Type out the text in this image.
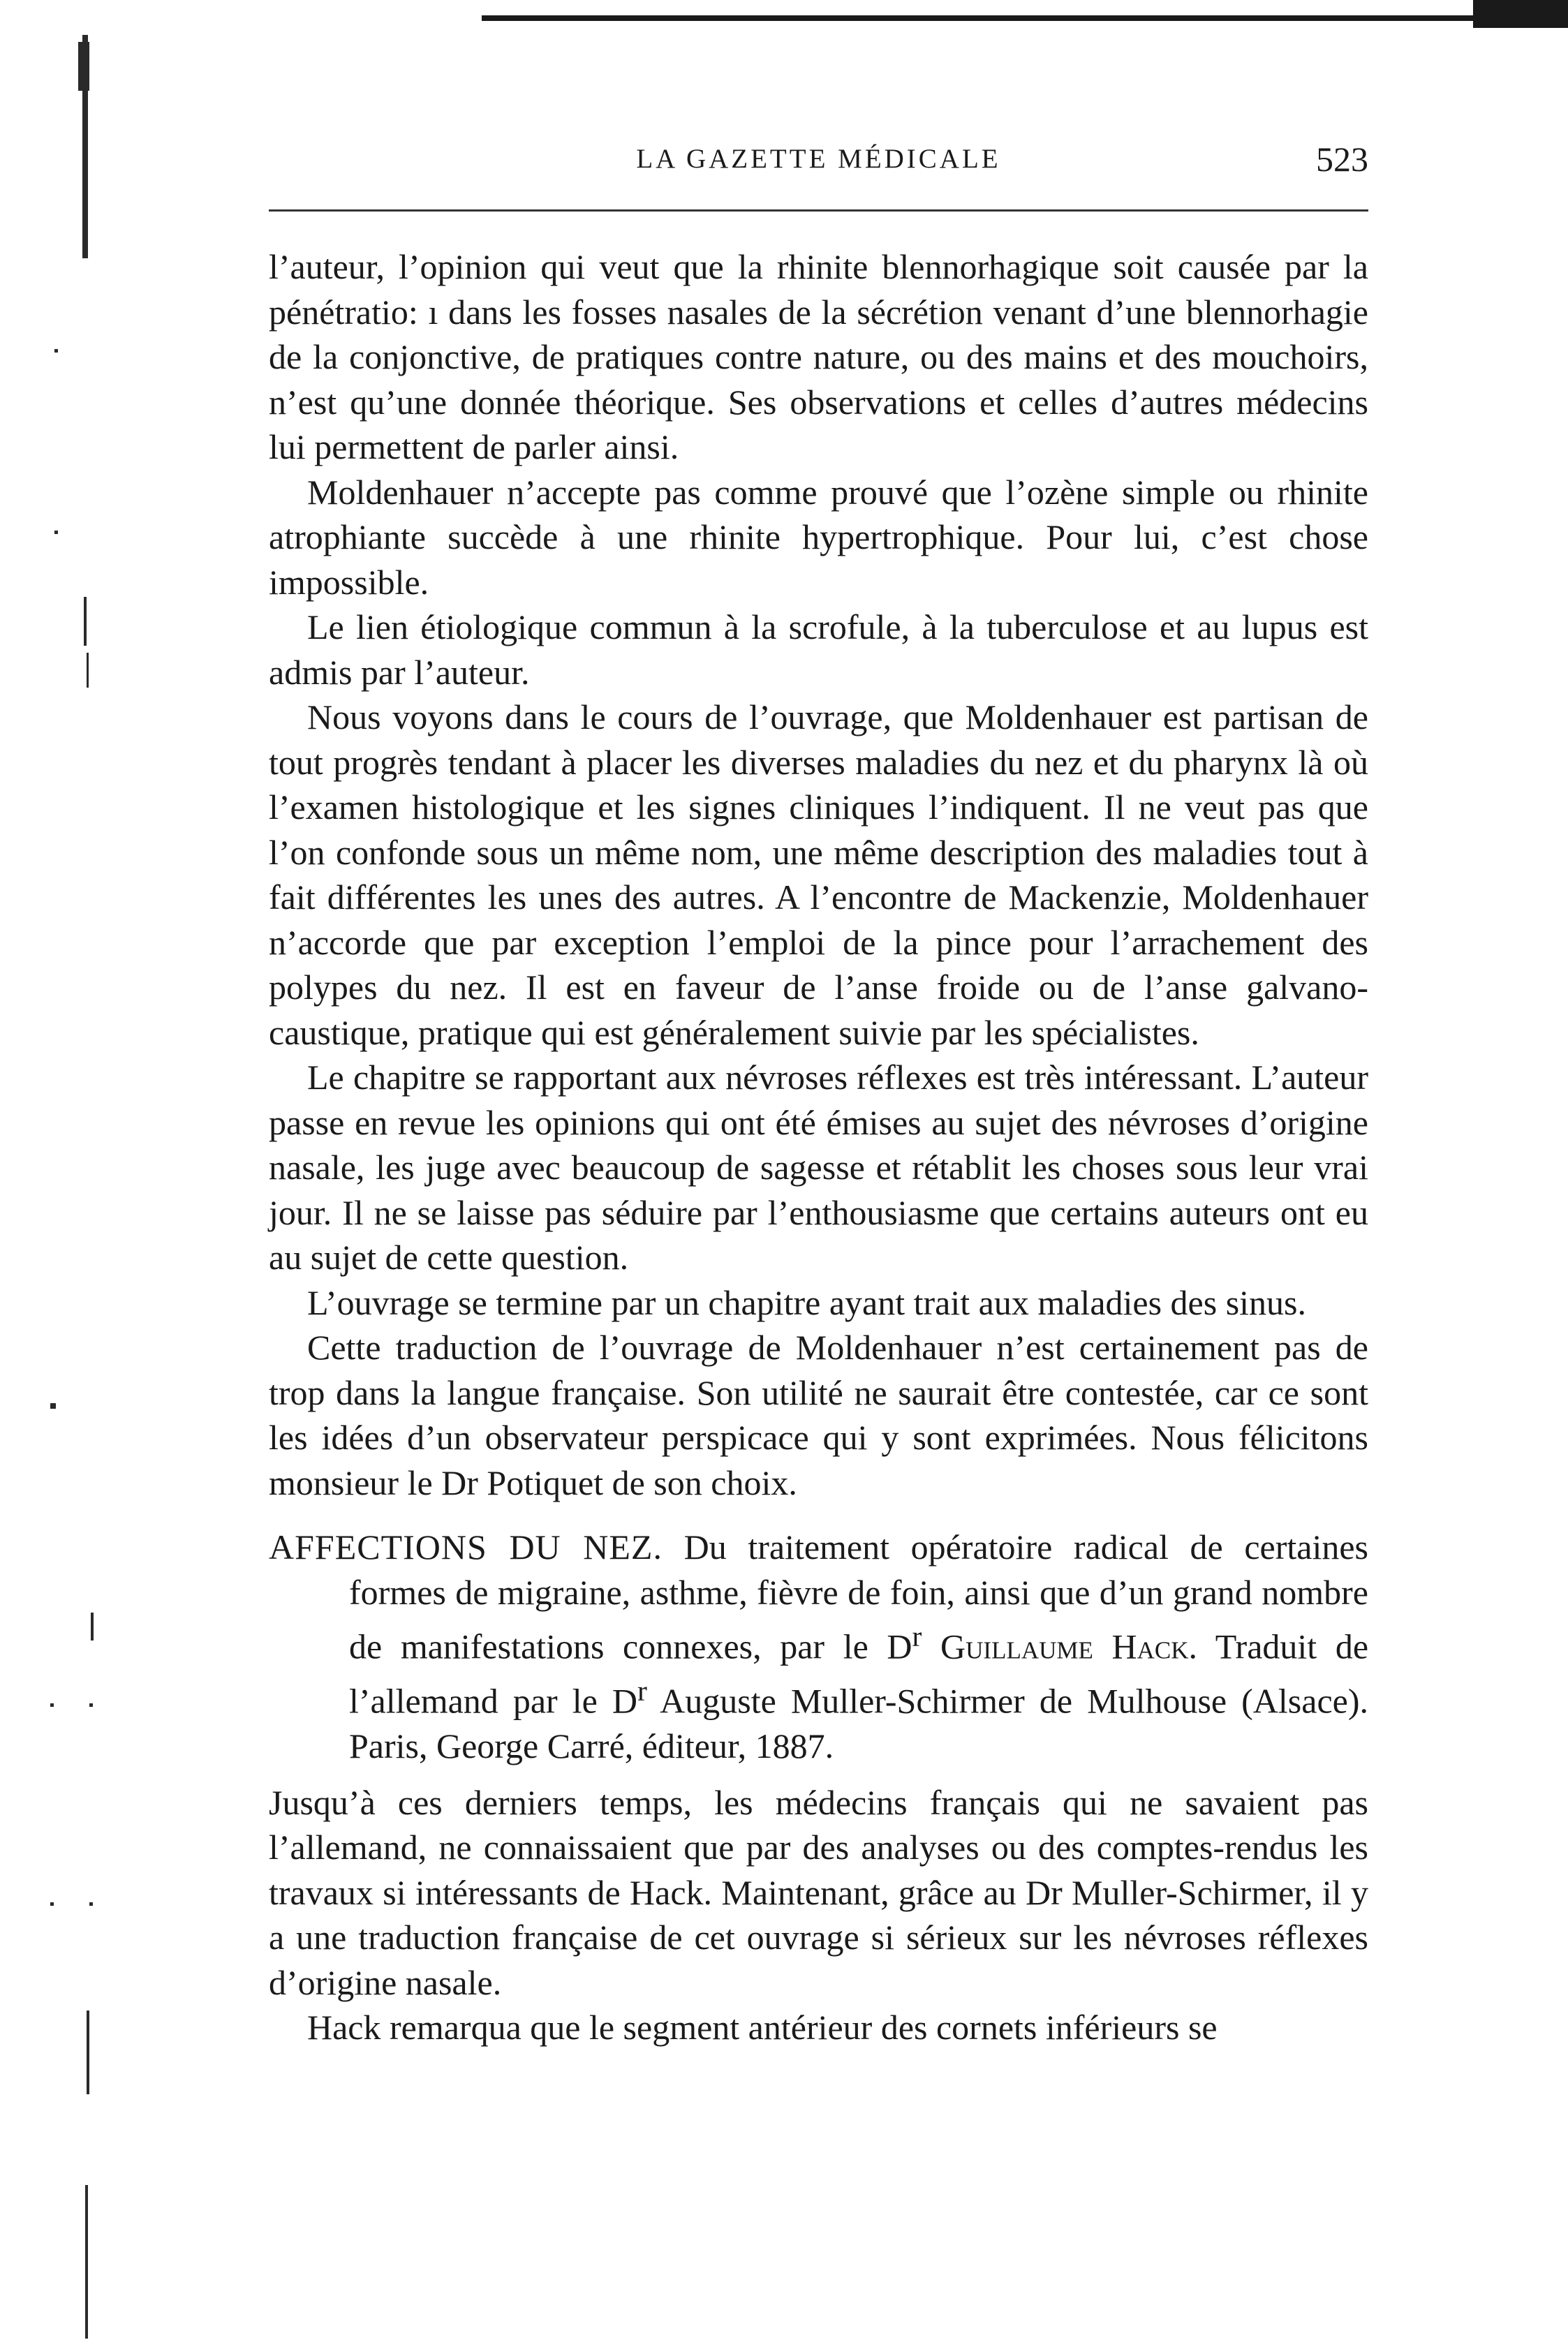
LA GAZETTE MÉDICALE	523

l’auteur, l’opinion qui veut que la rhinite blennorhagique soit causée par la pénétratio: ı dans les fosses nasales de la sécrétion venant d’une blennorhagie de la conjonctive, de pratiques contre nature, ou des mains et des mouchoirs, n’est qu’une donnée théorique. Ses observations et celles d’autres médecins lui permettent de parler ainsi.

Moldenhauer n’accepte pas comme prouvé que l’ozène simple ou rhinite atrophiante succède à une rhinite hypertrophique. Pour lui, c’est chose impossible.

Le lien étiologique commun à la scrofule, à la tuberculose et au lupus est admis par l’auteur.

Nous voyons dans le cours de l’ouvrage, que Moldenhauer est partisan de tout progrès tendant à placer les diverses maladies du nez et du pharynx là où l’examen histologique et les signes cliniques l’indiquent. Il ne veut pas que l’on confonde sous un même nom, une même description des maladies tout à fait différentes les unes des autres. A l’encontre de Mackenzie, Moldenhauer n’accorde que par exception l’emploi de la pince pour l’arrachement des polypes du nez. Il est en faveur de l’anse froide ou de l’anse galvano-caustique, pratique qui est généralement suivie par les spécialistes.

Le chapitre se rapportant aux névroses réflexes est très intéressant. L’auteur passe en revue les opinions qui ont été émises au sujet des névroses d’origine nasale, les juge avec beaucoup de sagesse et rétablit les choses sous leur vrai jour. Il ne se laisse pas séduire par l’enthousiasme que certains auteurs ont eu au sujet de cette question.

L’ouvrage se termine par un chapitre ayant trait aux maladies des sinus.

Cette traduction de l’ouvrage de Moldenhauer n’est certainement pas de trop dans la langue française. Son utilité ne saurait être contestée, car ce sont les idées d’un observateur perspicace qui y sont exprimées. Nous félicitons monsieur le Dr Potiquet de son choix.

AFFECTIONS DU NEZ. Du traitement opératoire radical de certaines formes de migraine, asthme, fièvre de foin, ainsi que d’un grand nombre de manifestations connexes, par le $D^r$ Guillaume Hack. Traduit de l’allemand par le $D^r$ Auguste Muller-Schirmer de Mulhouse (Alsace). Paris, George Carré, éditeur, 1887.

Jusqu’à ces derniers temps, les médecins français qui ne savaient pas l’allemand, ne connaissaient que par des analyses ou des comptes-rendus les travaux si intéressants de Hack. Maintenant, grâce au Dr Muller-Schirmer, il y a une traduction française de cet ouvrage si sérieux sur les névroses réflexes d’origine nasale.

Hack remarqua que le segment antérieur des cornets inférieurs se
